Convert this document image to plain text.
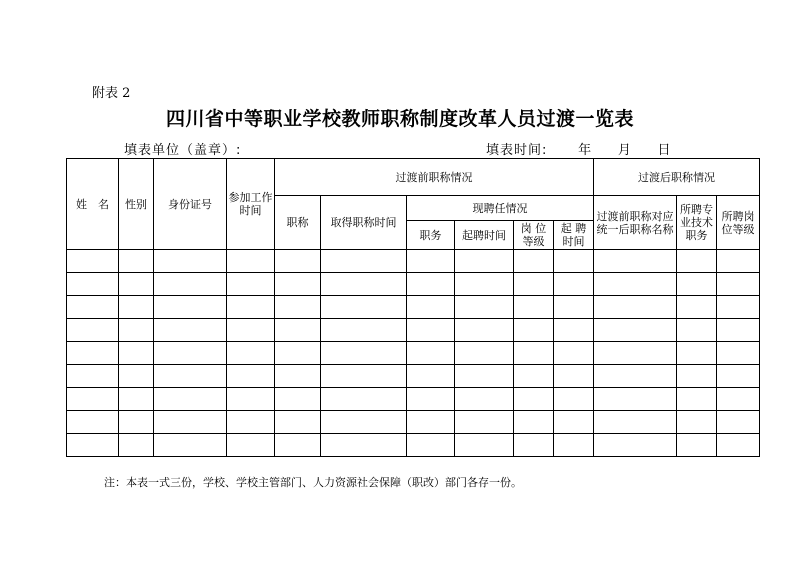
附表 2
四川省中等职业学校教师职称制度改革人员过渡一览表
填表单位（盖章）:	填表时间:      年     月     日
姓　名	性别	身份证号	参加工作时间	过渡前职称情况						过渡后职称情况		
				职称	取得职称时间	现聘任情况				过渡前职称对应统一后职称名称	所聘专业技术职务	所聘岗位等级
						职务	起聘时间	岗 位 等级	起 聘 时间			

注：本表一式三份，学校、学校主管部门、人力资源社会保障（职改）部门各存一份。
